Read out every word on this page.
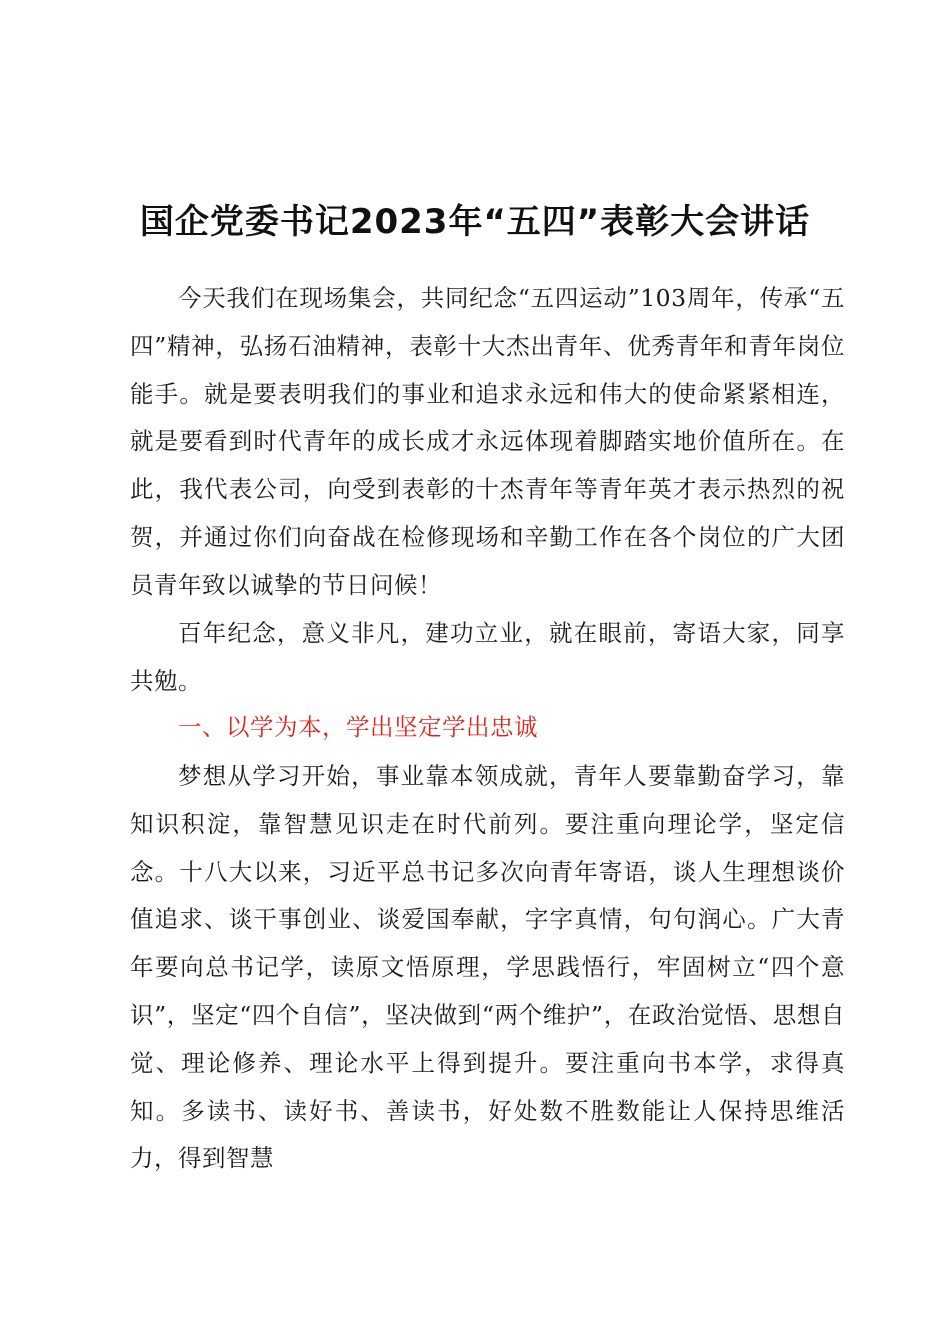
国企党委书记2023年“五四”表彰大会讲话
今天我们在现场集会，共同纪念“五四运动”103周年，传承“五四”精神，弘扬石油精神，表彰十大杰出青年、优秀青年和青年岗位能手。就是要表明我们的事业和追求永远和伟大的使命紧紧相连，就是要看到时代青年的成长成才永远体现着脚踏实地价值所在。在此，我代表公司，向受到表彰的十杰青年等青年英才表示热烈的祝贺，并通过你们向奋战在检修现场和辛勤工作在各个岗位的广大团员青年致以诚挚的节日问候！
百年纪念，意义非凡，建功立业，就在眼前，寄语大家，同享共勉。
一、以学为本，学出坚定学出忠诚
梦想从学习开始，事业靠本领成就，青年人要靠勤奋学习，靠知识积淀，靠智慧见识走在时代前列。要注重向理论学，坚定信念。十八大以来，习近平总书记多次向青年寄语，谈人生理想谈价值追求、谈干事创业、谈爱国奉献，字字真情，句句润心。广大青年要向总书记学，读原文悟原理，学思践悟行，牢固树立“四个意识”，坚定“四个自信”，坚决做到“两个维护”，在政治觉悟、思想自觉、理论修养、理论水平上得到提升。要注重向书本学，求得真知。多读书、读好书、善读书，好处数不胜数能让人保持思维活力，得到智慧
